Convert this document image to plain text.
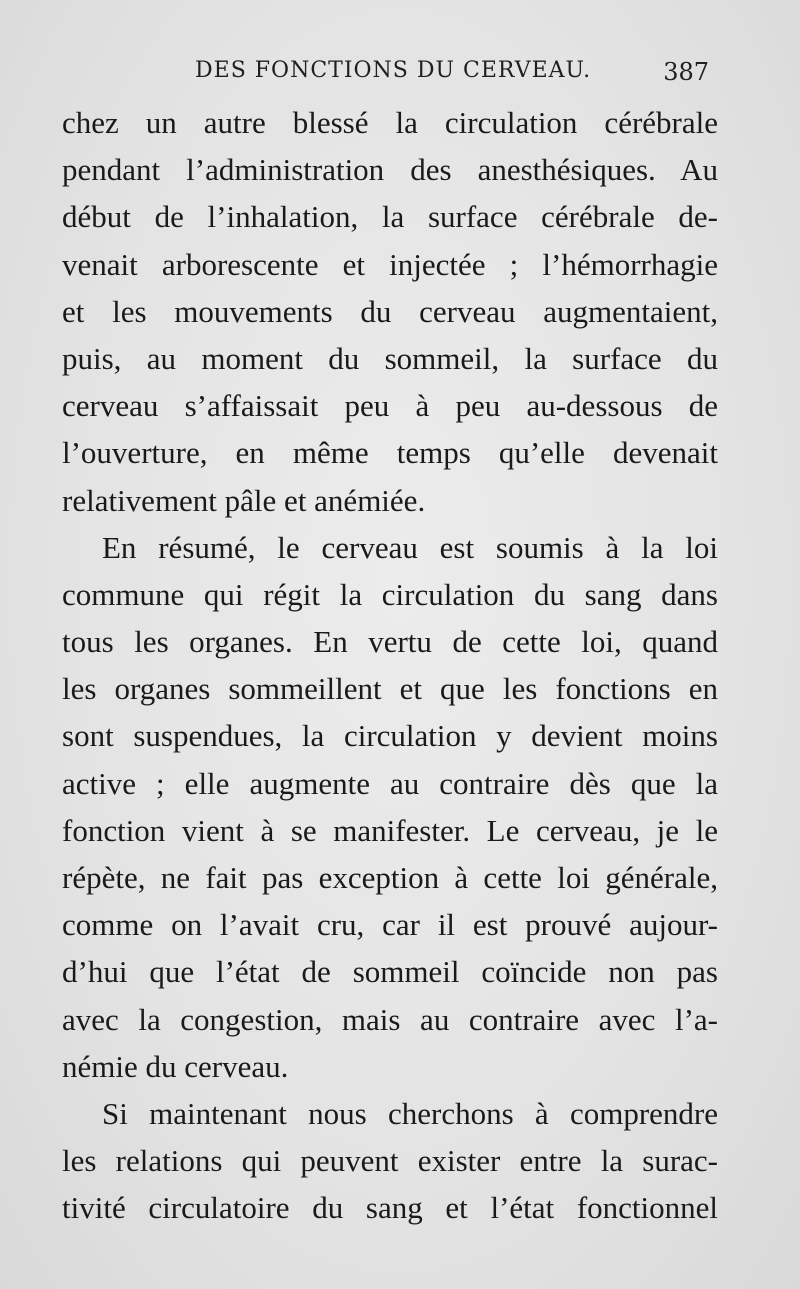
DES FONCTIONS DU CERVEAU.	387
chez un autre blessé la circulation cérébrale
pendant l’administration des anesthésiques. Au
début de l’inhalation, la surface cérébrale de-
venait arborescente et injectée ; l’hémorrhagie
et les mouvements du cerveau augmentaient,
puis, au moment du sommeil, la surface du
cerveau s’affaissait peu à peu au-dessous de
l’ouverture, en même temps qu’elle devenait
relativement pâle et anémiée.
En résumé, le cerveau est soumis à la loi
commune qui régit la circulation du sang dans
tous les organes. En vertu de cette loi, quand
les organes sommeillent et que les fonctions en
sont suspendues, la circulation y devient moins
active ; elle augmente au contraire dès que la
fonction vient à se manifester. Le cerveau, je le
répète, ne fait pas exception à cette loi générale,
comme on l’avait cru, car il est prouvé aujour-
d’hui que l’état de sommeil coïncide non pas
avec la congestion, mais au contraire avec l’a-
némie du cerveau.
Si maintenant nous cherchons à comprendre
les relations qui peuvent exister entre la surac-
tivité circulatoire du sang et l’état fonctionnel
